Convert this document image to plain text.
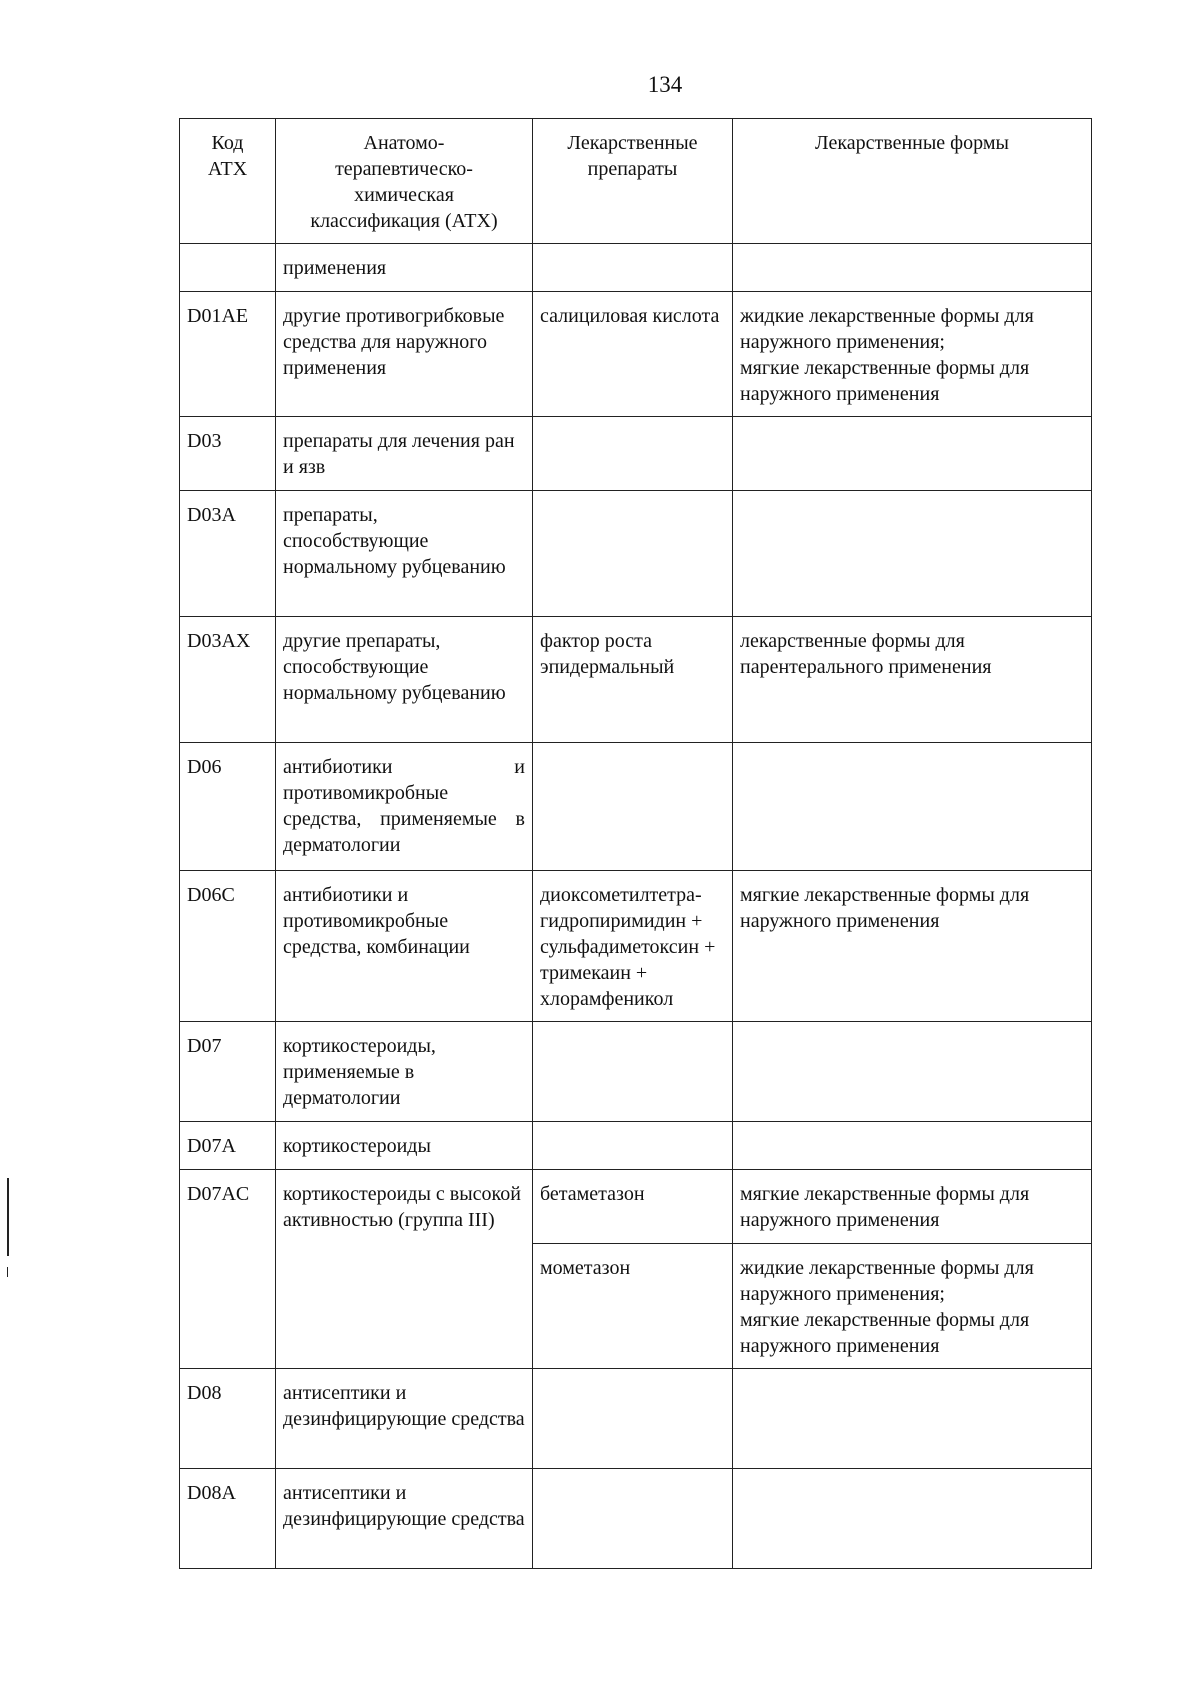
134
Код АТХ	Анатомо-терапевтическо-химическая классификация (АТХ)	Лекарственные препараты	Лекарственные формы
	применения		
D01AE	другие противогрибковые средства для наружного применения	салициловая кислота	жидкие лекарственные формы для наружного применения;
мягкие лекарственные формы для наружного применения
D03	препараты для лечения ран и язв		
D03A	препараты, способствующие нормальному рубцеванию		
D03AX	другие препараты, способствующие нормальному рубцеванию	фактор роста эпидермальный	лекарственные формы для парентерального применения
D06	антибиотики и противомикробные средства, применяемые в дерматологии		
D06C	антибиотики и противомикробные средства, комбинации	диоксометилтетра-гидропиримидин + сульфадиметоксин + тримекаин + хлорамфеникол	мягкие лекарственные формы для наружного применения
D07	кортикостероиды, применяемые в дерматологии		
D07A	кортикостероиды		
D07AC	кортикостероиды с высокой активностью (группа III)	бетаметазон	мягкие лекарственные формы для наружного применения
		мометазон	жидкие лекарственные формы для наружного применения;
мягкие лекарственные формы для наружного применения
D08	антисептики и дезинфицирующие средства		
D08A	антисептики и дезинфицирующие средства		
